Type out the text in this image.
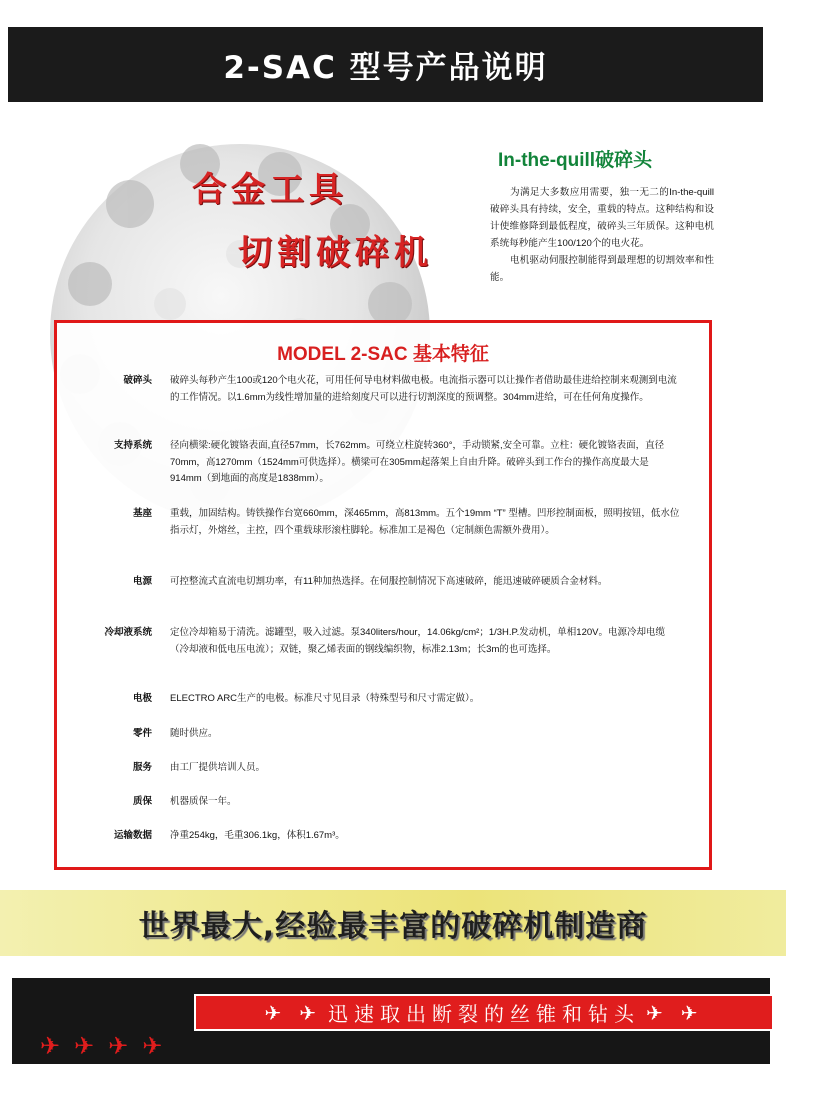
2-SAC 型号产品说明
合金工具
切割破碎机
In-the-quill破碎头

为满足大多数应用需要，独一无二的In-the-quill破碎头具有持续，安全，重载的特点。这种结构和设计使维修降到最低程度，破碎头三年质保。这种电机系统每秒能产生100/120个的电火花。

电机驱动伺服控制能得到最理想的切割效率和性能。

MODEL 2-SAC 基本特征
破碎头 破碎头每秒产生100或120个电火花，可用任何导电材料做电极。电流指示器可以让操作者借助最佳进给控制来观测到电流的工作情况。以1.6mm为线性增加量的进给刻度尺可以进行切割深度的预调整。304mm进给，可在任何角度操作。
支持系统 径向横梁:硬化镀铬表面,直径57mm，长762mm。可绕立柱旋转360°，手动锁紧,安全可靠。立柱：硬化镀铬表面，直径70mm，高1270mm（1524mm可供选择）。横梁可在305mm起落架上自由升降。破碎头到工作台的操作高度最大是914mm（到地面的高度是1838mm）。
基座 重载，加固结构。铸铁操作台宽660mm，深465mm，高813mm。五个19mm “T” 型槽。凹形控制面板，照明按钮，低水位指示灯，外熔丝，主控，四个重载球形滚柱脚轮。标准加工是褐色（定制颜色需额外费用）。
电源 可控整流式直流电切割功率，有11种加热选择。在伺服控制情况下高速破碎，能迅速破碎硬质合金材料。
冷却液系统 定位冷却箱易于清洗。滤罐型，吸入过滤。泵340liters/hour，14.06kg/cm²；1/3H.P.发动机，单相120V。电源冷却电缆（冷却液和低电压电流）；双链，聚乙烯表面的钢线编织物，标准2.13m；长3m的也可选择。
电极 ELECTRO ARC生产的电极。标准尺寸见目录（特殊型号和尺寸需定做）。
零件 随时供应。
服务 由工厂提供培训人员。
质保 机器质保一年。
运输数据 净重254kg，毛重306.1kg，体积1.67m³。
世界最大,经验最丰富的破碎机制造商
✈ ✈ 迅速取出断裂的丝锥和钻头 ✈ ✈
✈✈✈✈
